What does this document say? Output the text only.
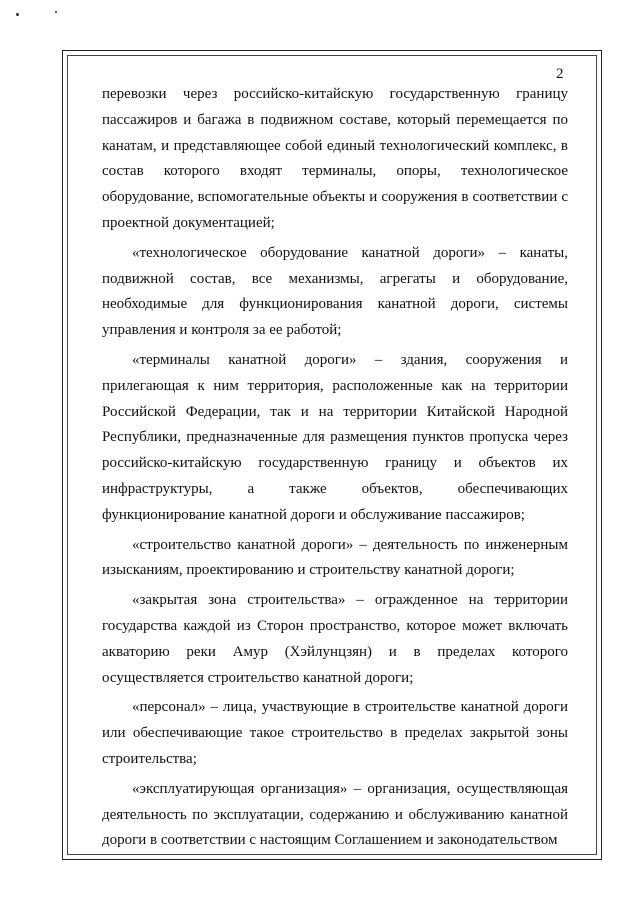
2

перевозки через российско-китайскую государственную границу пассажиров и багажа в подвижном составе, который перемещается по канатам, и представляющее собой единый технологический комплекс, в состав которого входят терминалы, опоры, технологическое оборудование, вспомогательные объекты и сооружения в соответствии с проектной документацией;

«технологическое оборудование канатной дороги» – канаты, подвижной состав, все механизмы, агрегаты и оборудование, необходимые для функционирования канатной дороги, системы управления и контроля за ее работой;

«терминалы канатной дороги» – здания, сооружения и прилегающая к ним территория, расположенные как на территории Российской Федерации, так и на территории Китайской Народной Республики, предназначенные для размещения пунктов пропуска через российско-китайскую государственную границу и объектов их инфраструктуры, а также объектов, обеспечивающих функционирование канатной дороги и обслуживание пассажиров;

«строительство канатной дороги» – деятельность по инженерным изысканиям, проектированию и строительству канатной дороги;

«закрытая зона строительства» – огражденное на территории государства каждой из Сторон пространство, которое может включать акваторию реки Амур (Хэйлунцзян) и в пределах которого осуществляется строительство канатной дороги;

«персонал» – лица, участвующие в строительстве канатной дороги или обеспечивающие такое строительство в пределах закрытой зоны строительства;

«эксплуатирующая организация» – организация, осуществляющая деятельность по эксплуатации, содержанию и обслуживанию канатной дороги в соответствии с настоящим Соглашением и законодательством
